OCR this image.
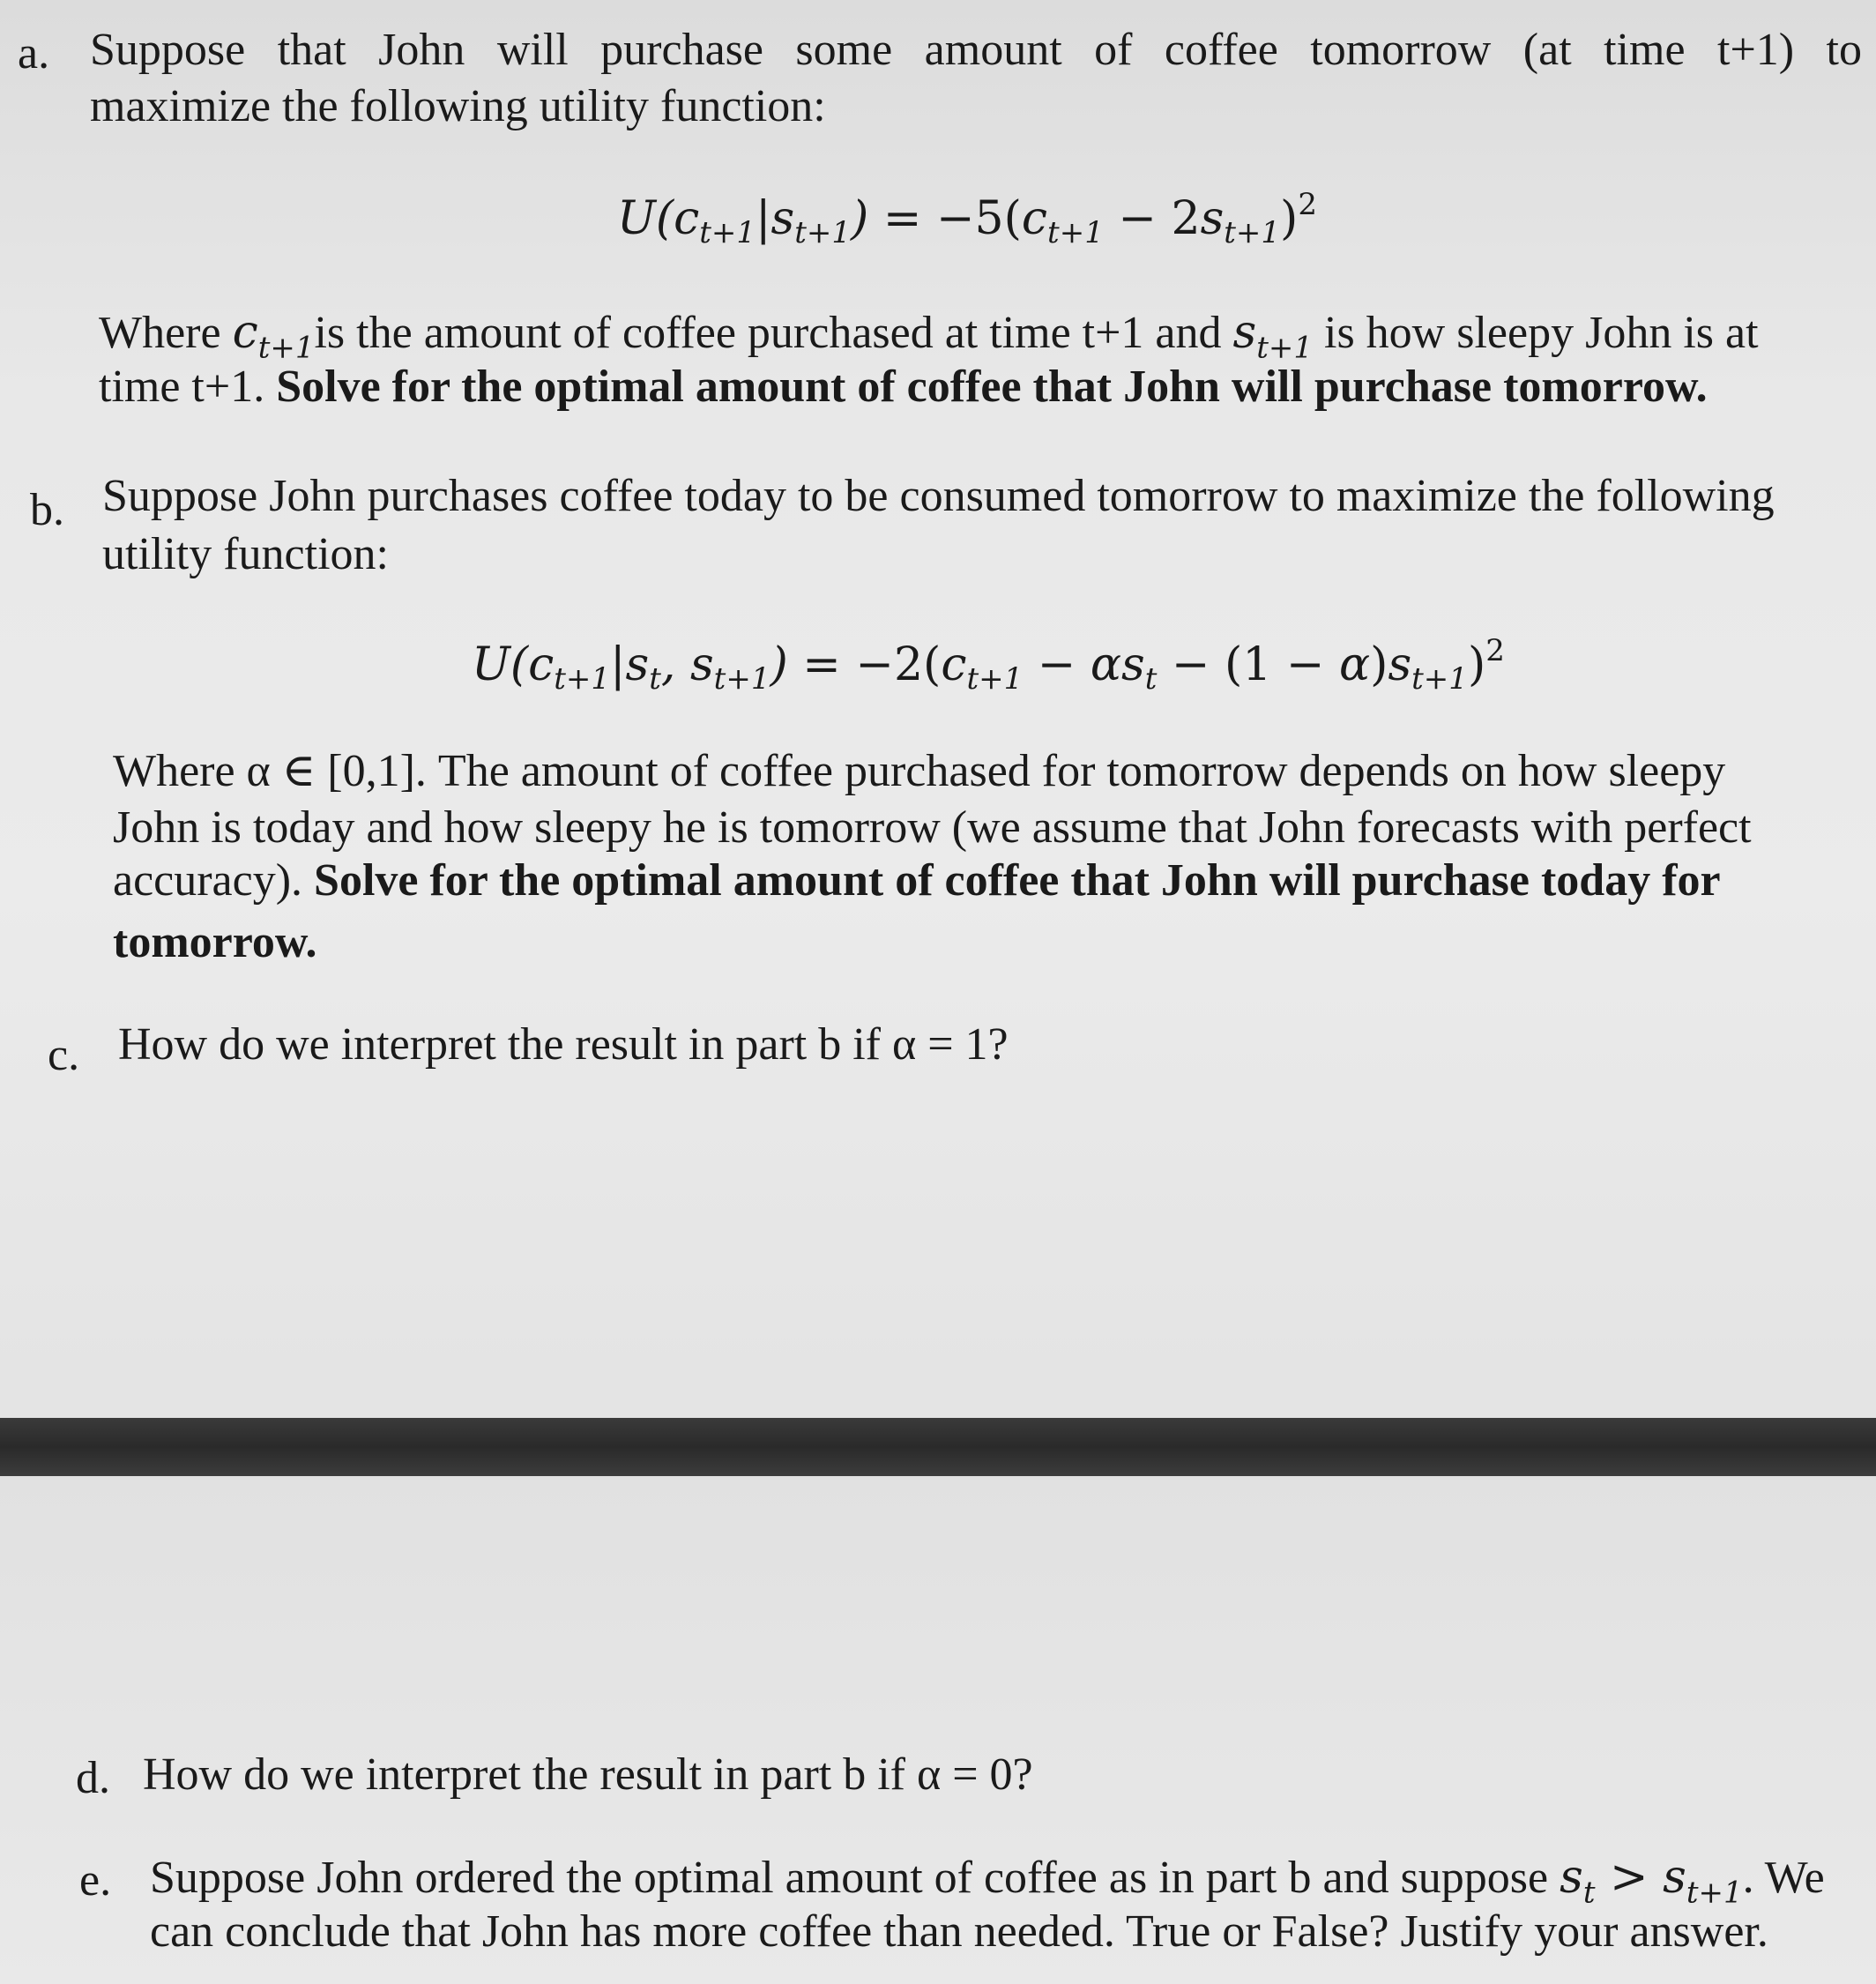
a. Suppose that John will purchase some amount of coffee tomorrow (at time t+1) to
maximize the following utility function:
$U(c_{t+1}|s_{t+1}) = -5(c_{t+1} - 2s_{t+1})^2$
Where $c_{t+1}is$ the amount of coffee purchased at time t+1 and $s_{t+1}$ is how sleepy John is at
time t+1. Solve for the optimal amount of coffee that John will purchase tomorrow.
b. Suppose John purchases coffee today to be consumed tomorrow to maximize the following
utility function:
$U(c_{t+1}|s_t$, $s_{t+1}) = -2(c_{t+1} - \alpha s_t - (1 - \alpha)s_{t+1})^2$
Where α ∈ [0,1]. The amount of coffee purchased for tomorrow depends on how sleepy
John is today and how sleepy he is tomorrow (we assume that John forecasts with perfect
accuracy). Solve for the optimal amount of coffee that John will purchase today for
tomorrow.
c. How do we interpret the result in part b if α = 1?
d. How do we interpret the result in part b if α = 0?
e. Suppose John ordered the optimal amount of coffee as in part b and suppose $s_t > s_{t+1}$. We
can conclude that John has more coffee than needed. True or False? Justify your answer.
